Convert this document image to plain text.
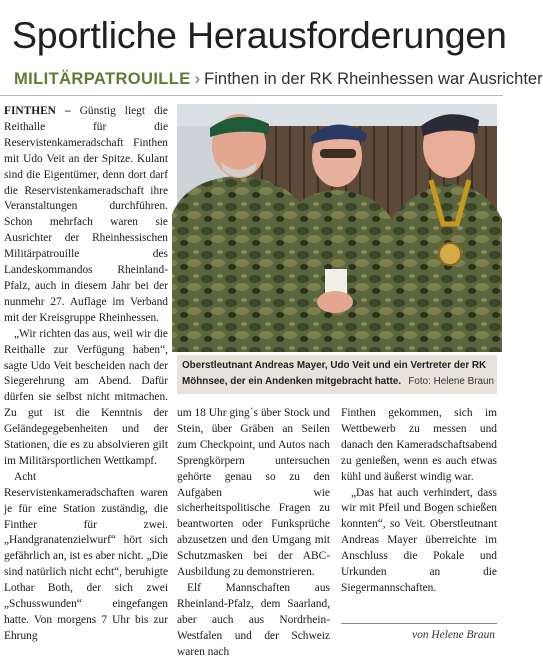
Sportliche Herausforderungen
MILITÄRPATROUILLE › Finthen in der RK Rheinhessen war Ausrichter

FINTHEN – Günstig liegt die Reithalle für die Reservistenkameradschaft Finthen mit Udo Veit an der Spitze. Kulant sind die Eigentümer, denn dort darf die Reservistenkameradschaft ihre Veranstaltungen durchführen. Schon mehrfach waren sie Ausrichter der Rheinhessischen Militärpatrouille des Landeskommandos Rheinland-Pfalz, auch in diesem Jahr bei der nunmehr 27. Auflage im Verband mit der Kreisgruppe Rheinhessen.

„Wir richten das aus, weil wir die Reithalle zur Verfügung haben“, sagte Udo Veit bescheiden nach der Siegerehrung am Abend. Dafür dürfen sie selbst nicht mitmachen. Zu gut ist die Kenntnis der Geländegegebenheiten und der Stationen, die es zu absolvieren gilt im Militärsportlichen Wettkampf.

Acht Reservistenkameradschaften waren je für eine Station zuständig, die Finther für zwei. „Handgranatenzielwurf“ hört sich gefährlich an, ist es aber nicht. „Die sind natürlich nicht echt“, beruhigte Lothar Both, der sich zwei „Schusswunden“ eingefangen hatte. Von morgens 7 Uhr bis zur Ehrung

Oberstleutnant Andreas Mayer, Udo Veit und ein Vertreter der RK Möhnsee, der ein Andenken mitgebracht hatte. Foto: Helene Braun

um 18 Uhr ging´s über Stock und Stein, über Gräben an Seilen zum Checkpoint, und Autos nach Sprengkörpern untersuchen gehörte genau so zu den Aufgaben wie sicherheitspolitische Fragen zu beantworten oder Funksprüche abzusetzen und den Umgang mit Schutzmasken bei der ABC-Ausbildung zu demonstrieren.

Elf Mannschaften aus Rheinland-Pfalz, dem Saarland, aber auch aus Nordrhein-Westfalen und der Schweiz waren nach

Finthen gekommen, sich im Wettbewerb zu messen und danach den Kameradschaftsabend zu genießen, wenn es auch etwas kühl und äußerst windig war.

„Das hat auch verhindert, dass wir mit Pfeil und Bogen schießen konnten“, so Veit. Oberstleutnant Andreas Mayer überreichte im Anschluss die Pokale und Urkunden an die Siegermannschaften.

von Helene Braun
